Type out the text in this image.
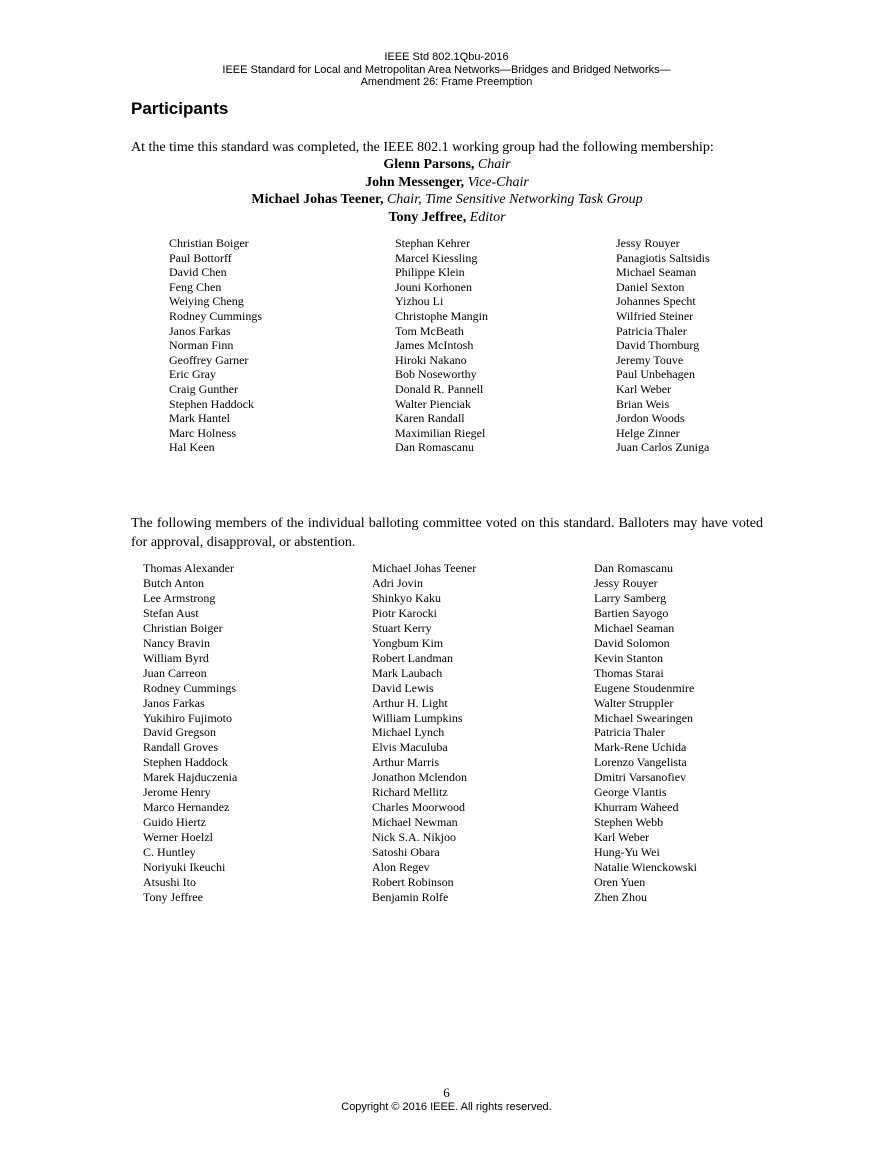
IEEE Std 802.1Qbu-2016
IEEE Standard for Local and Metropolitan Area Networks—Bridges and Bridged Networks—
Amendment 26: Frame Preemption
Participants

At the time this standard was completed, the IEEE 802.1 working group had the following membership:

Glenn Parsons, Chair
John Messenger, Vice-Chair
Michael Johas Teener, Chair, Time Sensitive Networking Task Group
Tony Jeffree, Editor
Christian Boiger
Paul Bottorff
David Chen
Feng Chen
Weiying Cheng
Rodney Cummings
Janos Farkas
Norman Finn
Geoffrey Garner
Eric Gray
Craig Gunther
Stephen Haddock
Mark Hantel
Marc Holness
Hal Keen
Stephan Kehrer
Marcel Kiessling
Philippe Klein
Jouni Korhonen
Yizhou Li
Christophe Mangin
Tom McBeath
James McIntosh
Hiroki Nakano
Bob Noseworthy
Donald R. Pannell
Walter Pienciak
Karen Randall
Maximilian Riegel
Dan Romascanu
Jessy Rouyer
Panagiotis Saltsidis
Michael Seaman
Daniel Sexton
Johannes Specht
Wilfried Steiner
Patricia Thaler
David Thornburg
Jeremy Touve
Paul Unbehagen
Karl Weber
Brian Weis
Jordon Woods
Helge Zinner
Juan Carlos Zuniga

The following members of the individual balloting committee voted on this standard. Balloters may have voted for approval, disapproval, or abstention.

Thomas Alexander
Butch Anton
Lee Armstrong
Stefan Aust
Christian Boiger
Nancy Bravin
William Byrd
Juan Carreon
Rodney Cummings
Janos Farkas
Yukihiro Fujimoto
David Gregson
Randall Groves
Stephen Haddock
Marek Hajduczenia
Jerome Henry
Marco Hernandez
Guido Hiertz
Werner Hoelzl
C. Huntley
Noriyuki Ikeuchi
Atsushi Ito
Tony Jeffree
Michael Johas Teener
Adri Jovin
Shinkyo Kaku
Piotr Karocki
Stuart Kerry
Yongbum Kim
Robert Landman
Mark Laubach
David Lewis
Arthur H. Light
William Lumpkins
Michael Lynch
Elvis Maculuba
Arthur Marris
Jonathon Mclendon
Richard Mellitz
Charles Moorwood
Michael Newman
Nick S.A. Nikjoo
Satoshi Obara
Alon Regev
Robert Robinson
Benjamin Rolfe
Dan Romascanu
Jessy Rouyer
Larry Samberg
Bartien Sayogo
Michael Seaman
David Solomon
Kevin Stanton
Thomas Starai
Eugene Stoudenmire
Walter Struppler
Michael Swearingen
Patricia Thaler
Mark-Rene Uchida
Lorenzo Vangelista
Dmitri Varsanofiev
George Vlantis
Khurram Waheed
Stephen Webb
Karl Weber
Hung-Yu Wei
Natalie Wienckowski
Oren Yuen
Zhen Zhou
6
Copyright © 2016 IEEE. All rights reserved.
